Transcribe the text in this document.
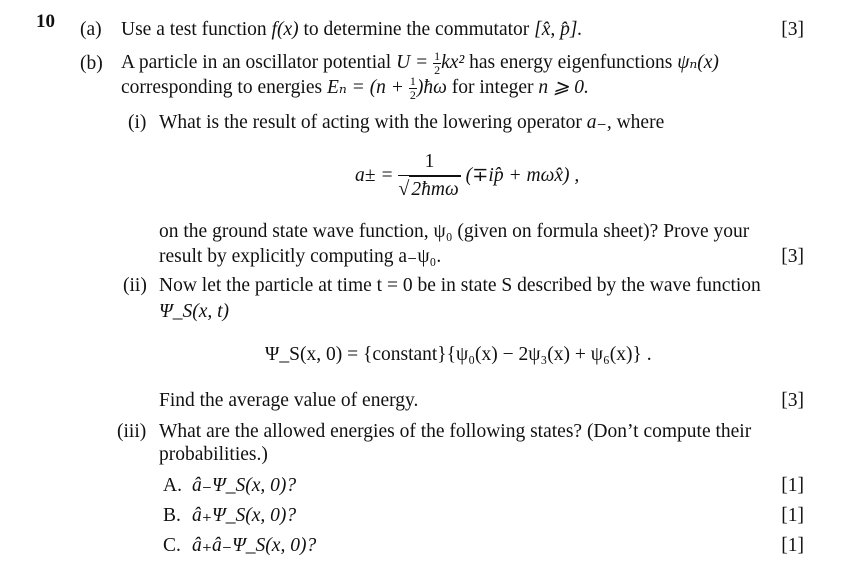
10 (a) Use a test function f(x) to determine the commutator [x̂, p̂].	[3]
(b) A particle in an oscillator potential $U = \frac{1}{2} kx^2$ has energy eigenfunctions ψₙ(x)
corresponding to energies $E_n = (n + \frac{1}{2}$ )ħω for integer n ⩾ 0.
(i) What is the result of acting with the lowering operator a₋, where
$a\pm = \frac{1}{\text{√ 2ħmω}}$ (∓ip̂ + mωx̂) ,
on the ground state wave function, ψ₀ (given on formula sheet)? Prove your
result by explicitly computing a₋ψ₀.	[3]
(ii) Now let the particle at time t = 0 be in state S described by the wave function
Ψ_S(x, t)
Ψ_S(x, 0) = {constant}{ψ₀(x) − 2ψ₃(x) + ψ₆(x)} .
Find the average value of energy.	[3]
(iii) What are the allowed energies of the following states? (Don’t compute their
probabilities.)
A. â₋Ψ_S(x, 0)?	[1]
B. â₊Ψ_S(x, 0)?	[1]
C. â₊â₋Ψ_S(x, 0)?	[1]
